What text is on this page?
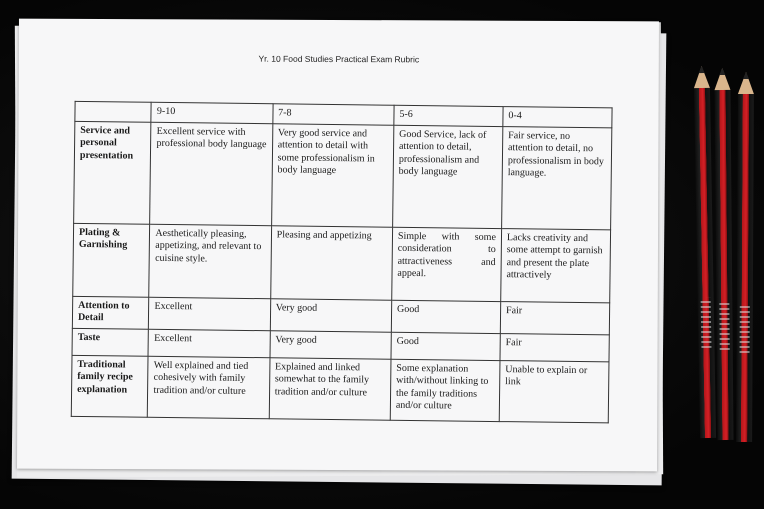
Yr. 10 Food Studies Practical Exam Rubric
	9-10	7-8	5-6	0-4
Service and personal presentation	Excellent service with professional body language	Very good service and attention to detail with some professionalism in body language	Good Service, lack of attention to detail, professionalism and body language	Fair service, no attention to detail, no professionalism in body language.
Plating & Garnishing	Aesthetically pleasing, appetizing, and relevant to cuisine style.	Pleasing and appetizing	Simple with some consideration to attractiveness and appeal.	Lacks creativity and some attempt to garnish and present the plate attractively
Attention to Detail	Excellent	Very good	Good	Fair
Taste	Excellent	Very good	Good	Fair
Traditional family recipe explanation	Well explained and tied cohesively with family tradition and/or culture	Explained and linked somewhat to the family tradition and/or culture	Some explanation with/without linking to the family traditions and/or culture	Unable to explain or link
